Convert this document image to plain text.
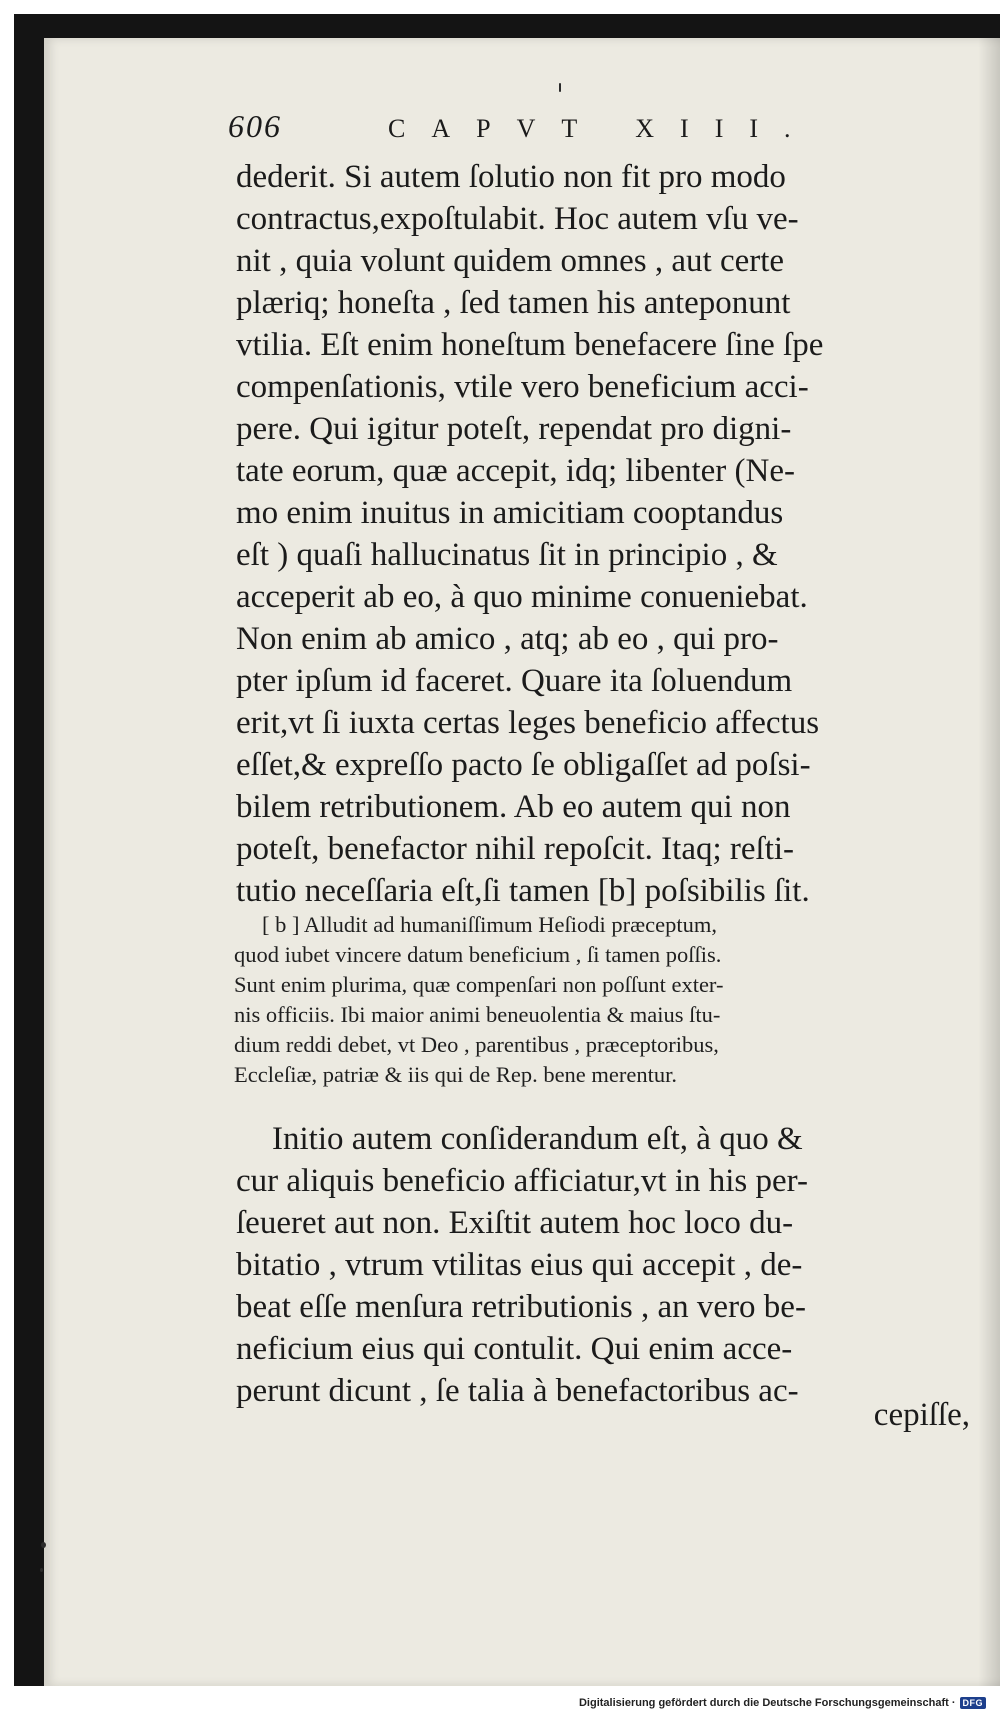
606	CAPVT XIII.

dederit. Si autem ſolutio non fit pro modo
contractus,expoſtulabit. Hoc autem vſu ve-
nit , quia volunt quidem omnes , aut certe
plæriq; honeſta , ſed tamen his anteponunt
vtilia. Eſt enim honeſtum benefacere ſine ſpe
compenſationis, vtile vero beneficium acci-
pere. Qui igitur poteſt, rependat pro digni-
tate eorum, quæ accepit, idq; libenter (Ne-
mo enim inuitus in amicitiam cooptandus
eſt ) quaſi hallucinatus ſit in principio , &
acceperit ab eo, à quo minime conueniebat.
Non enim ab amico , atq; ab eo , qui pro-
pter ipſum id faceret. Quare ita ſoluendum
erit,vt ſi iuxta certas leges beneficio affectus
eſſet,& expreſſo pacto ſe obligaſſet ad poſsi-
bilem retributionem. Ab eo autem qui non
poteſt, benefactor nihil repoſcit. Itaq; reſti-
tutio neceſſaria eſt,ſi tamen [b] poſsibilis ſit.

[ b ] Alludit ad humaniſſimum Heſiodi præceptum,
quod iubet vincere datum beneficium , ſi tamen poſſis.
Sunt enim plurima, quæ compenſari non poſſunt exter-
nis officiis. Ibi maior animi beneuolentia & maius ſtu-
dium reddi debet, vt Deo , parentibus , præceptoribus,
Eccleſiæ, patriæ & iis qui de Rep. bene merentur.

Initio autem conſiderandum eſt, à quo &
cur aliquis beneficio afficiatur,vt in his per-
ſeueret aut non. Exiſtit autem hoc loco du-
bitatio , vtrum vtilitas eius qui accepit , de-
beat eſſe menſura retributionis , an vero be-
neficium eius qui contulit. Qui enim acce-
perunt dicunt , ſe talia à benefactoribus ac-

cepiſſe,
Digitalisierung gefördert durch die Deutsche Forschungsgemeinschaft · DFG
